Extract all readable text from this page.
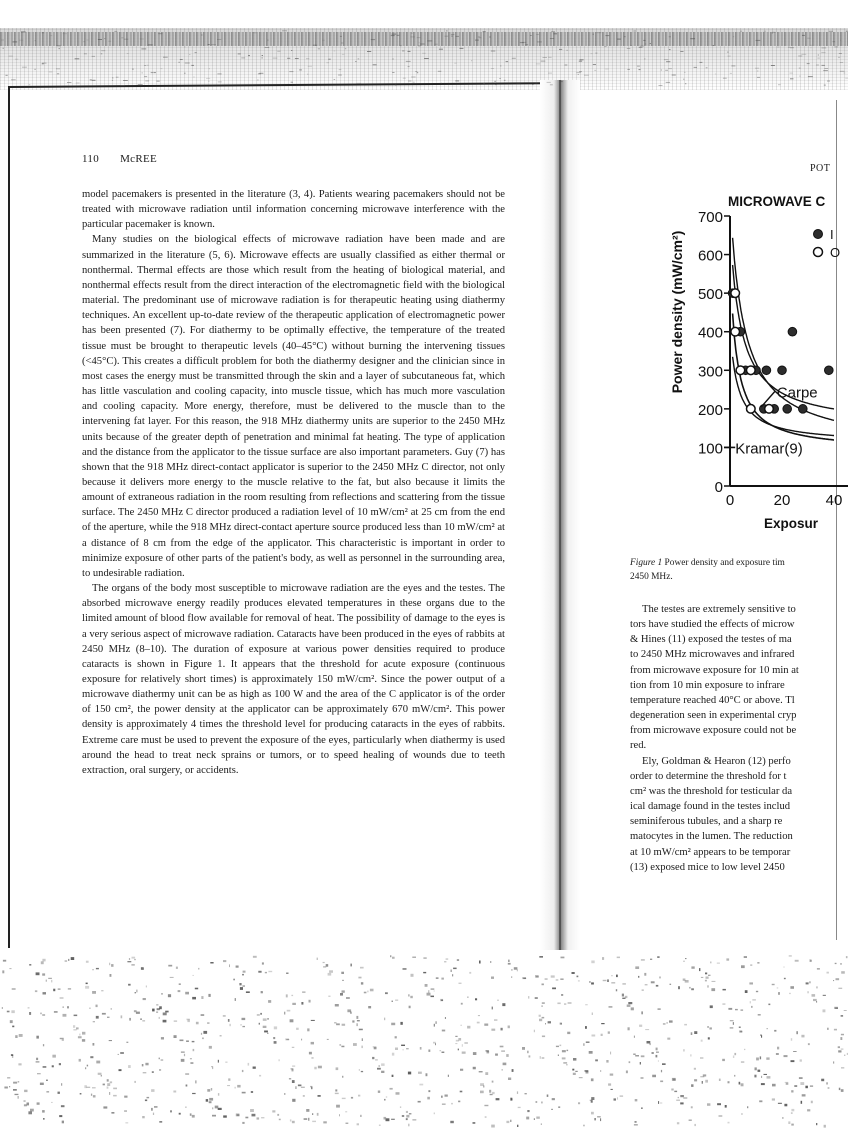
110 McREE

model pacemakers is presented in the literature (3, 4). Patients wearing pacemakers should not be treated with microwave radiation until information concerning microwave interference with the particular pacemaker is known.

Many studies on the biological effects of microwave radiation have been made and are summarized in the literature (5, 6). Microwave effects are usually classified as either thermal or nonthermal. Thermal effects are those which result from the heating of biological material, and nonthermal effects result from the direct interaction of the electromagnetic field with the biological material. The predominant use of microwave radiation is for therapeutic heating using diathermy techniques. An excellent up-to-date review of the therapeutic application of electromagnetic power has been presented (7). For diathermy to be optimally effective, the temperature of the treated tissue must be brought to therapeutic levels (40–45°C) without burning the intervening tissues (<45°C). This creates a difficult problem for both the diathermy designer and the clinician since in most cases the energy must be transmitted through the skin and a layer of subcutaneous fat, which has little vasculation and cooling capacity, into muscle tissue, which has much more vasculation and cooling capacity. More energy, therefore, must be delivered to the muscle than to the intervening fat layer. For this reason, the 918 MHz diathermy units are superior to the 2450 MHz units because of the greater depth of penetration and minimal fat heating. The type of application and the distance from the applicator to the tissue surface are also important parameters. Guy (7) has shown that the 918 MHz direct-contact applicator is superior to the 2450 MHz C director, not only because it delivers more energy to the muscle relative to the fat, but also because it limits the amount of extraneous radiation in the room resulting from reflections and scattering from the tissue surface. The 2450 MHz C director produced a radiation level of 10 mW/cm² at 25 cm from the end of the aperture, while the 918 MHz direct-contact aperture source produced less than 10 mW/cm² at a distance of 8 cm from the edge of the applicator. This characteristic is important in order to minimize exposure of other parts of the patient's body, as well as personnel in the surrounding area, to undesirable radiation.

The organs of the body most susceptible to microwave radiation are the eyes and the testes. The absorbed microwave energy readily produces elevated temperatures in these organs due to the limited amount of blood flow available for removal of heat. The possibility of damage to the eyes is a very serious aspect of microwave radiation. Cataracts have been produced in the eyes of rabbits at 2450 MHz (8–10). The duration of exposure at various power densities required to produce cataracts is shown in Figure 1. It appears that the threshold for acute exposure (continuous exposure for relatively short times) is approximately 150 mW/cm². Since the power output of a microwave diathermy unit can be as high as 100 W and the area of the C applicator is of the order of 150 cm², the power density at the applicator can be approximately 670 mW/cm². This power density is approximately 4 times the threshold level for producing cataracts in the eyes of rabbits. Extreme care must be used to prevent the exposure of the eyes, particularly when diathermy is used around the head to treat neck sprains or tumors, or to speed healing of wounds due to teeth extraction, oral surgery, or accidents.

POT
MICROWAVE C
Power density (mW/cm²)
Exposur
0
100
200
300
400
500
600
700
0	20 40
Carpe
Kramar(9)
I
O
Figure 1 Power density and exposure tim
2450 MHz.

The testes are extremely sensitive to

tors have studied the effects of microw

& Hines (11) exposed the testes of ma

to 2450 MHz microwaves and infrared

from microwave exposure for 10 min at

tion from 10 min exposure to infrare

temperature reached 40°C or above. Tl

degeneration seen in experimental cryp

from microwave exposure could not be

red.

Ely, Goldman & Hearon (12) perfo

order to determine the threshold for t

cm² was the threshold for testicular da

ical damage found in the testes includ

seminiferous tubules, and a sharp re

matocytes in the lumen. The reduction

at 10 mW/cm² appears to be temporar

(13) exposed mice to low level 2450
